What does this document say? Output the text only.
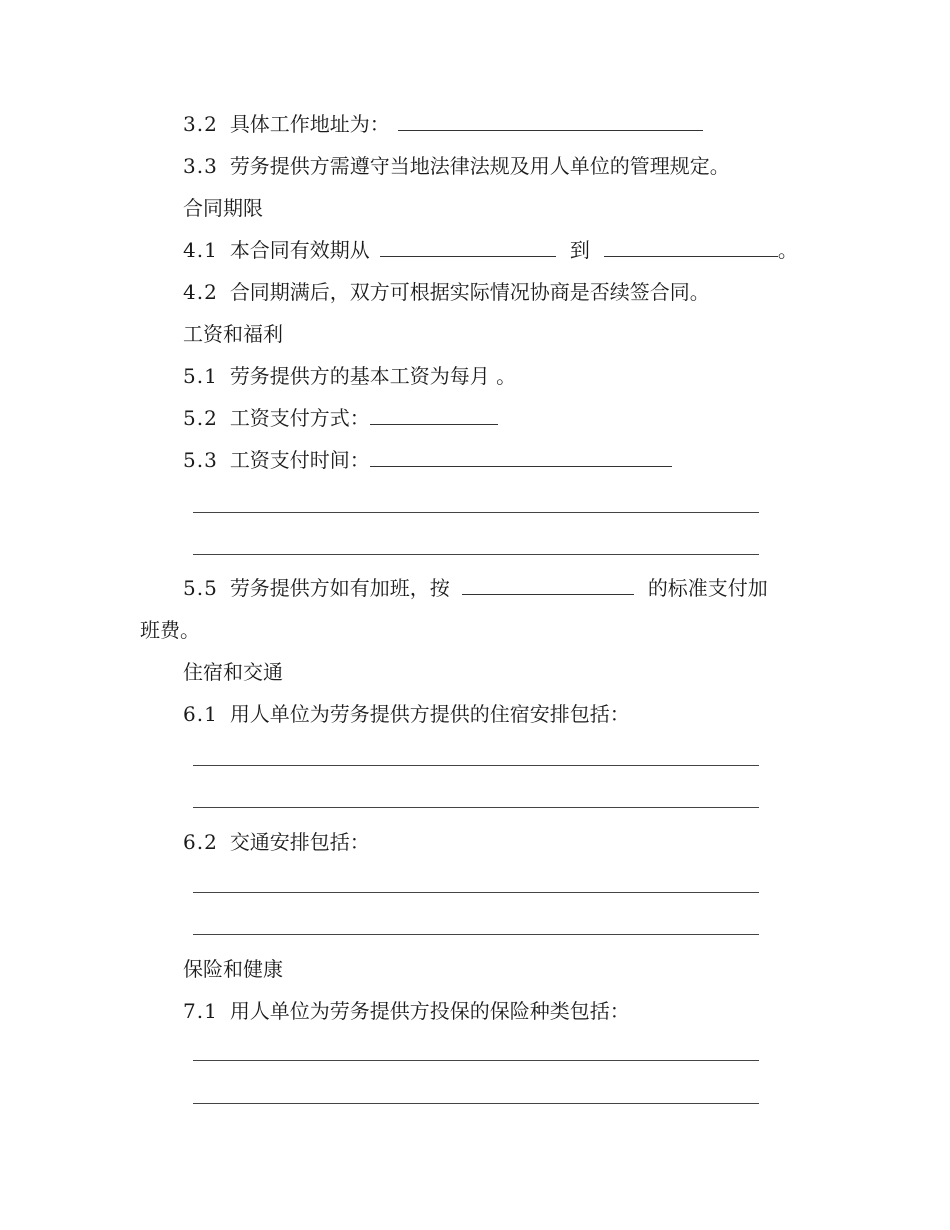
3.2 具体工作地址为：
3.3 劳务提供方需遵守当地法律法规及用人单位的管理规定。
合同期限
4.1 本合同有效期从	到	。
4.2 合同期满后，双方可根据实际情况协商是否续签合同。
工资和福利
5.1 劳务提供方的基本工资为每月 。
5.2 工资支付方式：
5.3 工资支付时间：
5.5 劳务提供方如有加班，按	的标准支付加
班费。
住宿和交通
6.1 用人单位为劳务提供方提供的住宿安排包括：
6.2 交通安排包括：
保险和健康
7.1 用人单位为劳务提供方投保的保险种类包括：
